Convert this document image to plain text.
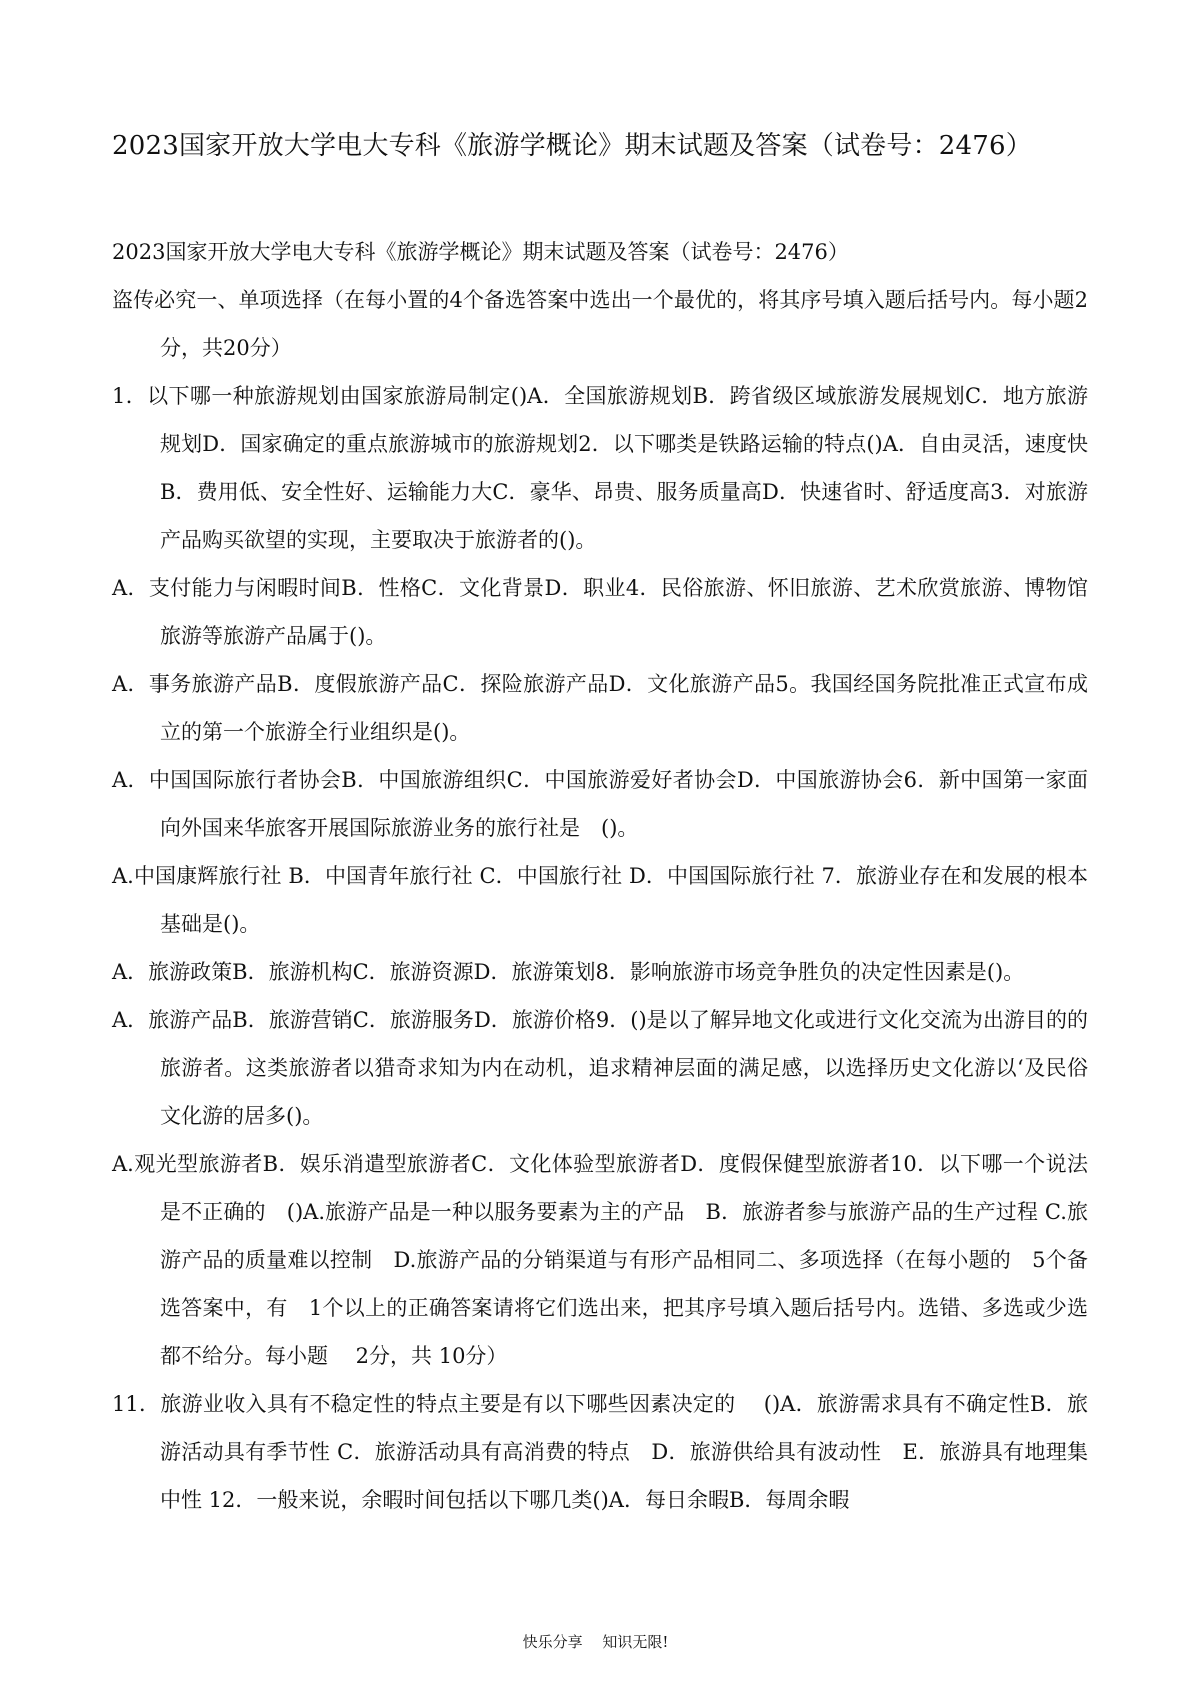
2023国家开放大学电大专科《旅游学概论》期末试题及答案（试卷号：2476）

2023国家开放大学电大专科《旅游学概论》期末试题及答案（试卷号：2476）

盗传必究一、单项选择（在每小置的4个备选答案中选出一个最优的，将其序号填入题后括号内。每小题2分，共20分）

1．以下哪一种旅游规划由国家旅游局制定()A．全国旅游规划B．跨省级区域旅游发展规划C．地方旅游规划D．国家确定的重点旅游城市的旅游规划2．以下哪类是铁路运输的特点()A．自由灵活，速度快B．费用低、安全性好、运输能力大C．豪华、昂贵、服务质量高D．快速省时、舒适度高3．对旅游产品购买欲望的实现，主要取决于旅游者的()。

A．支付能力与闲暇时间B．性格C．文化背景D．职业4．民俗旅游、怀旧旅游、艺术欣赏旅游、博物馆旅游等旅游产品属于()。

A．事务旅游产品B．度假旅游产品C．探险旅游产品D．文化旅游产品5。我国经国务院批准正式宣布成立的第一个旅游全行业组织是()。

A．中国国际旅行者协会B．中国旅游组织C．中国旅游爱好者协会D．中国旅游协会6．新中国第一家面向外国来华旅客开展国际旅游业务的旅行社是　()。

A.中国康辉旅行社 B．中国青年旅行社 C．中国旅行社 D．中国国际旅行社 7．旅游业存在和发展的根本基础是()。

A．旅游政策B．旅游机构C．旅游资源D．旅游策划8．影响旅游市场竞争胜负的决定性因素是()。

A．旅游产品B．旅游营销C．旅游服务D．旅游价格9．()是以了解异地文化或进行文化交流为出游目的的旅游者。这类旅游者以猎奇求知为内在动机，追求精神层面的满足感，以选择历史文化游以‘及民俗文化游的居多()。

A.观光型旅游者B．娱乐消遣型旅游者C．文化体验型旅游者D．度假保健型旅游者10．以下哪一个说法是不正确的　()A.旅游产品是一种以服务要素为主的产品　B．旅游者参与旅游产品的生产过程 C.旅游产品的质量难以控制　D.旅游产品的分销渠道与有形产品相同二、多项选择（在每小题的　5个备选答案中，有　1个以上的正确答案请将它们选出来，把其序号填入题后括号内。选错、多选或少选都不给分。每小题　 2分，共 10分）

11．旅游业收入具有不稳定性的特点主要是有以下哪些因素决定的　 ()A．旅游需求具有不确定性B．旅游活动具有季节性 C．旅游活动具有高消费的特点　D．旅游供给具有波动性　E．旅游具有地理集中性 12．一般来说，余暇时间包括以下哪几类()A．每日余暇B．每周余暇

快乐分享　 知识无限!
